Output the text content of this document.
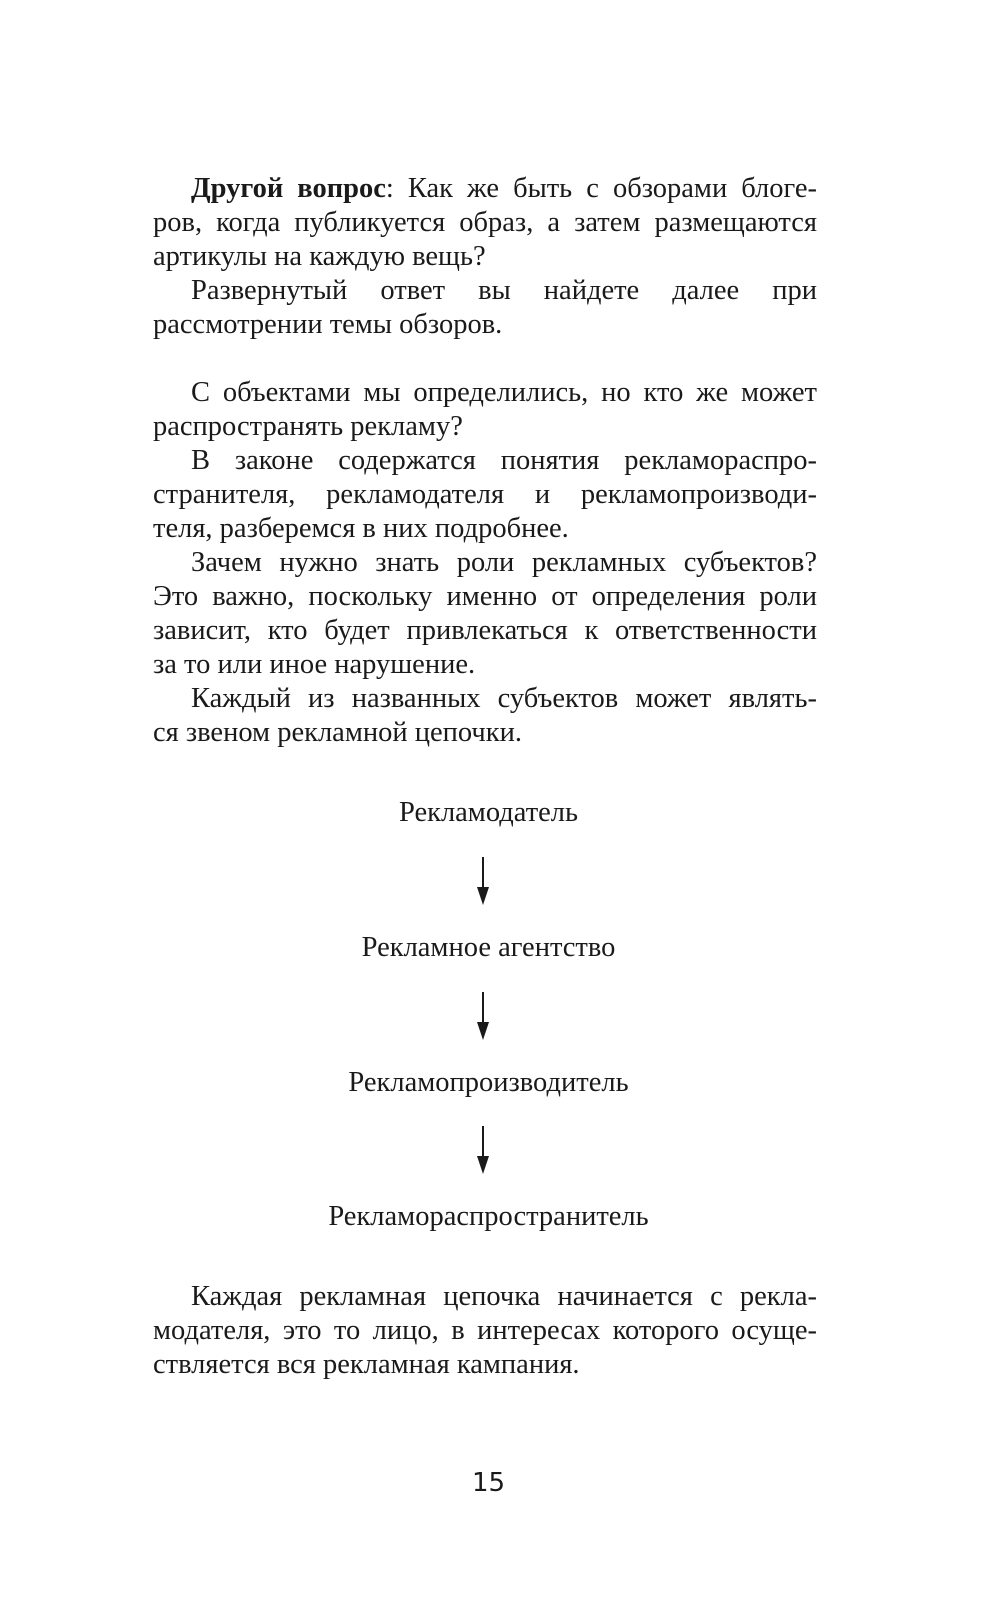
Другой вопрос: Как же быть с обзорами блоге-
ров, когда публикуется образ, а затем размещаются
артикулы на каждую вещь?
Развернутый ответ вы найдете далее при
рассмотрении темы обзоров.
С объектами мы определились, но кто же может
распространять рекламу?
В законе содержатся понятия рекламораспро-
странителя, рекламодателя и рекламопроизводи-
теля, разберемся в них подробнее.
Зачем нужно знать роли рекламных субъектов?
Это важно, поскольку именно от определения роли
зависит, кто будет привлекаться к ответственности
за то или иное нарушение.
Каждый из названных субъектов может являть-
ся звеном рекламной цепочки.
Рекламодатель
Рекламное агентство
Рекламопроизводитель
Рекламораспространитель
Каждая рекламная цепочка начинается с рекла-
модателя, это то лицо, в интересах которого осуще-
ствляется вся рекламная кампания.
15
